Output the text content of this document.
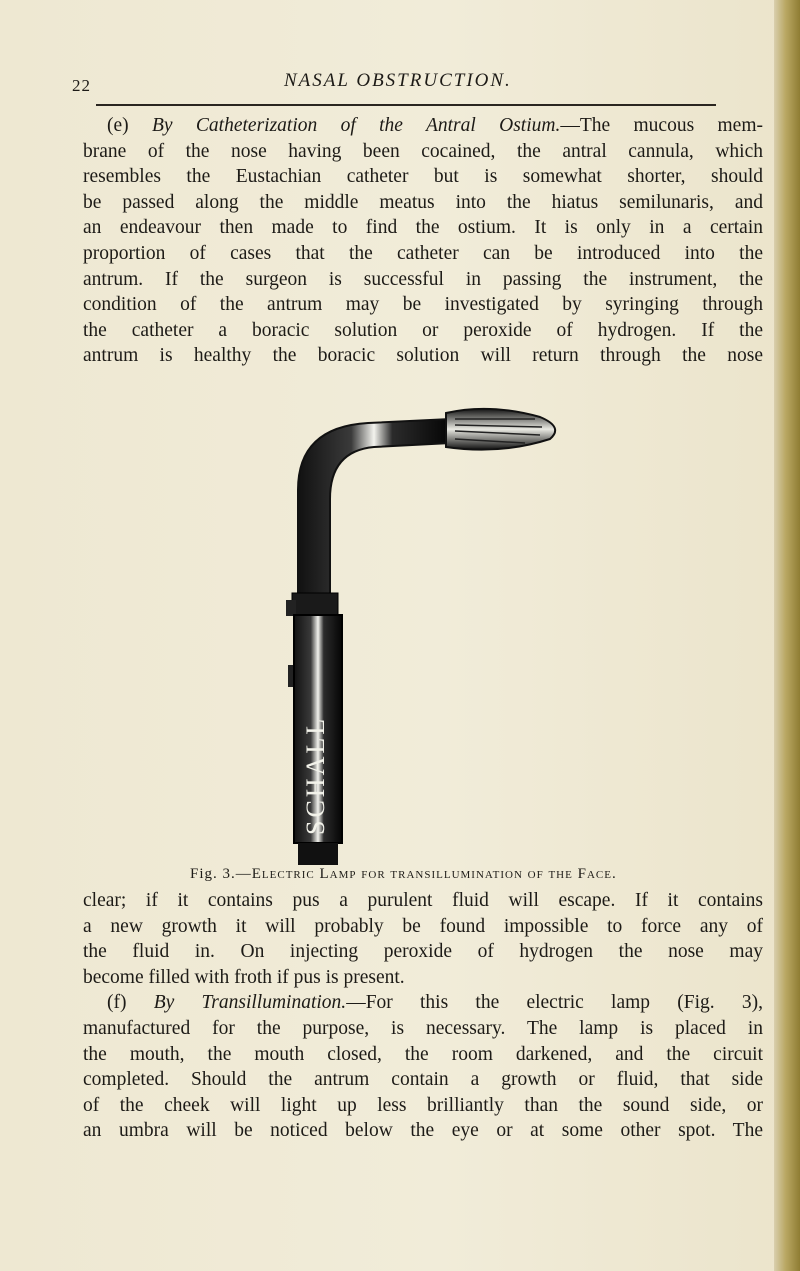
22	NASAL OBSTRUCTION.
(e) By Catheterization of the Antral Ostium.—The mucous mem-
brane of the nose having been cocained, the antral cannula, which
resembles the Eustachian catheter but is somewhat shorter, should
be passed along the middle meatus into the hiatus semilunaris, and
an endeavour then made to find the ostium. It is only in a certain
proportion of cases that the catheter can be introduced into the
antrum. If the surgeon is successful in passing the instrument, the
condition of the antrum may be investigated by syringing through
the catheter a boracic solution or peroxide of hydrogen. If the
antrum is healthy the boracic solution will return through the nose
SCHALL
Fig. 3.—Electric Lamp for transillumination of the Face.
clear; if it contains pus a purulent fluid will escape. If it contains
a new growth it will probably be found impossible to force any of
the fluid in. On injecting peroxide of hydrogen the nose may
become filled with froth if pus is present.
(f) By Transillumination.—For this the electric lamp (Fig. 3),
manufactured for the purpose, is necessary. The lamp is placed in
the mouth, the mouth closed, the room darkened, and the circuit
completed. Should the antrum contain a growth or fluid, that side
of the cheek will light up less brilliantly than the sound side, or
an umbra will be noticed below the eye or at some other spot. The
